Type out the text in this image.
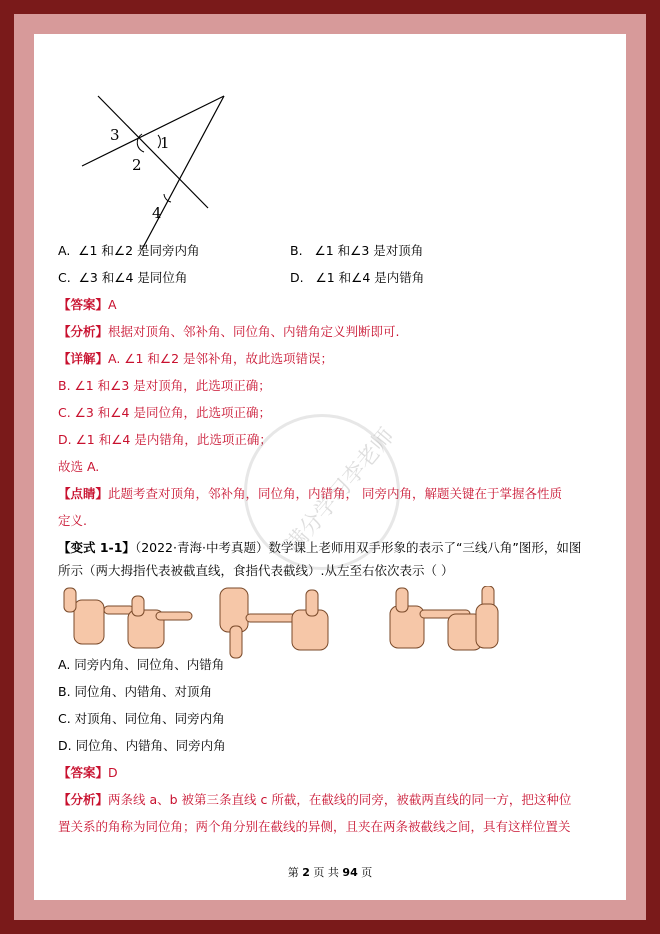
3	1
2
4
A. ∠1 和∠2 是同旁内角	B. ∠1 和∠3 是对顶角
C. ∠3 和∠4 是同位角	D. ∠1 和∠4 是内错角
【答案】A
【分析】根据对顶角、邻补角、同位角、内错角定义判断即可.
【详解】A. ∠1 和∠2 是邻补角，故此选项错误；
B. ∠1 和∠3 是对顶角，此选项正确；
C. ∠3 和∠4 是同位角，此选项正确；
D. ∠1 和∠4 是内错角，此选项正确；
故选 A.
【点睛】此题考查对顶角，邻补角，同位角，内错角， 同旁内角，解题关键在于掌握各性质
定义.
【变式 1-1】（2022·青海·中考真题）数学课上老师用双手形象的表示了“三线八角”图形，如图
所示（两大拇指代表被截直线，食指代表截线）.从左至右依次表示（ ）
A. 同旁内角、同位角、内错角
B. 同位角、内错角、对顶角
C. 对顶角、同位角、同旁内角
D. 同位角、内错角、同旁内角
【答案】D
【分析】两条线 a、b 被第三条直线 c 所截，在截线的同旁，被截两直线的同一方，把这种位
置关系的角称为同位角；两个角分别在截线的异侧，且夹在两条被截线之间，具有这样位置关
满分学习李老师
第 2 页 共 94 页
